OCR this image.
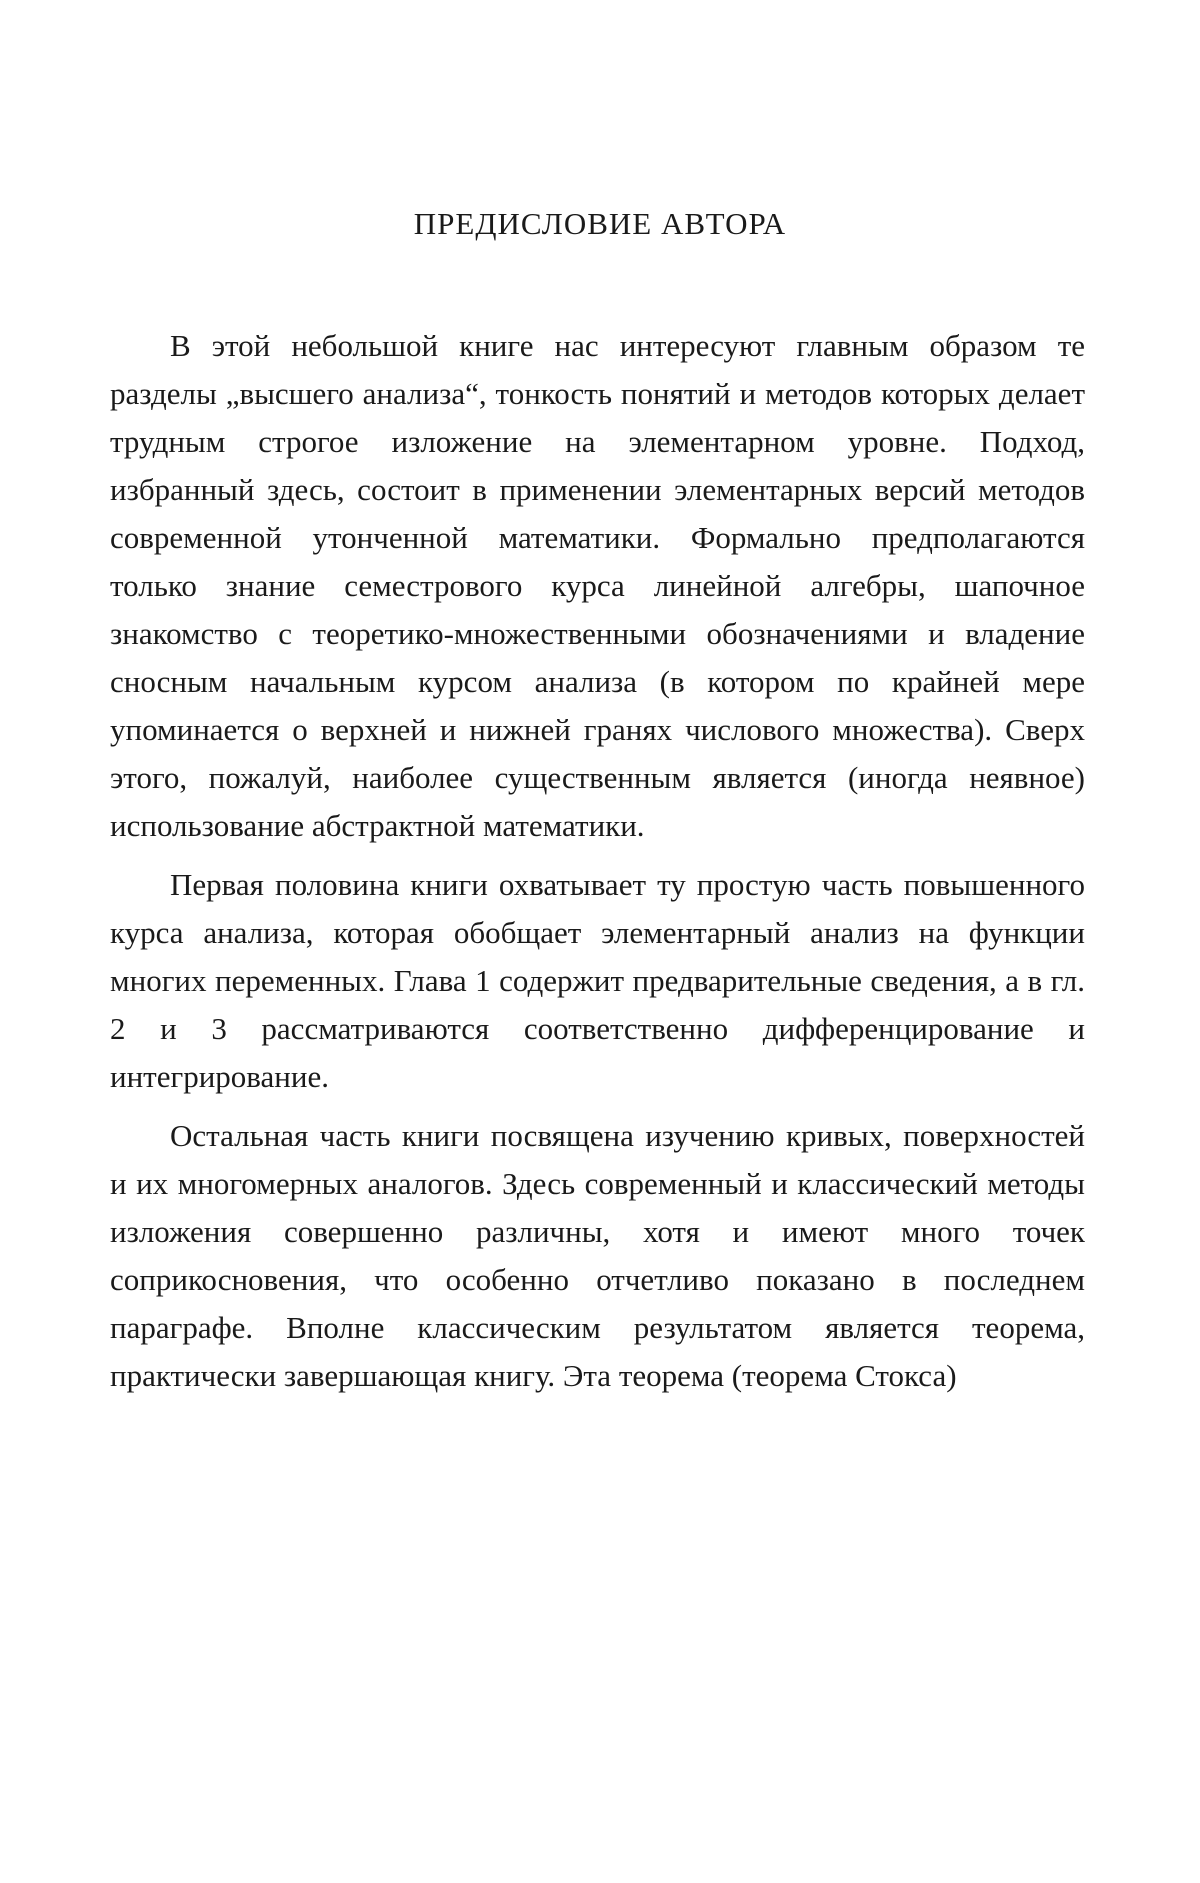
ПРЕДИСЛОВИЕ АВТОРА

В этой небольшой книге нас интересуют главным образом те разделы „высшего анализа“, тонкость понятий и методов которых делает трудным строгое изложение на элементарном уровне. Подход, избранный здесь, состоит в применении элементарных версий методов современной утонченной математики. Формально предполагаются только знание семестрового курса линейной алгебры, шапочное знакомство с теоретико-множественными обозначениями и владение сносным начальным курсом анализа (в котором по крайней мере упоминается о верхней и нижней гранях числового множества). Сверх этого, пожалуй, наиболее существенным является (иногда неявное) использование абстрактной математики.

Первая половина книги охватывает ту простую часть повышенного курса анализа, которая обобщает элементарный анализ на функции многих переменных. Глава 1 содержит предварительные сведения, а в гл. 2 и 3 рассматриваются соответственно дифференцирование и интегрирование.

Остальная часть книги посвящена изучению кривых, поверхностей и их многомерных аналогов. Здесь современный и классический методы изложения совершенно различны, хотя и имеют много точек соприкосновения, что особенно отчетливо показано в последнем параграфе. Вполне классическим результатом является теорема, практически завершающая книгу. Эта теорема (теорема Стокса)
